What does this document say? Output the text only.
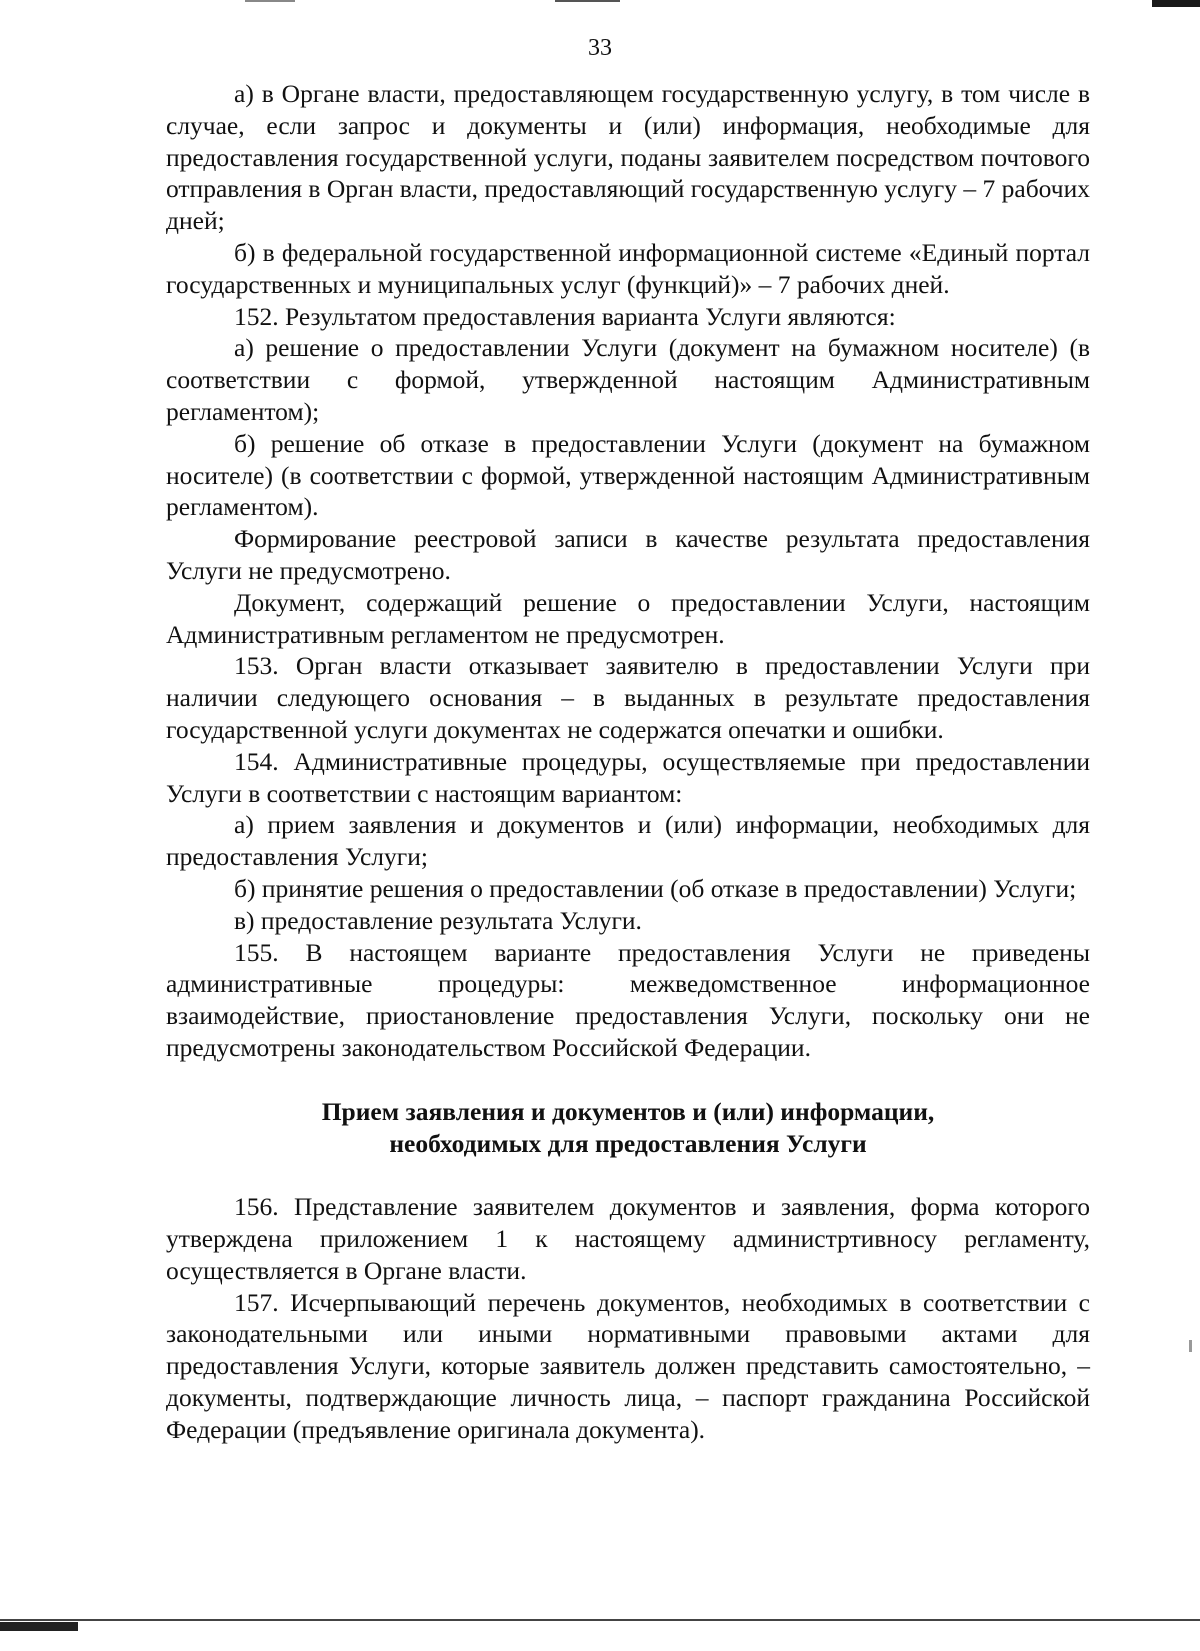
33

а) в Органе власти, предоставляющем государственную услугу, в том числе в случае, если запрос и документы и (или) информация, необходимые для предоставления государственной услуги, поданы заявителем посредством почтового отправления в Орган власти, предоставляющий государственную услугу – 7 рабочих дней;

б) в федеральной государственной информационной системе «Единый портал государственных и муниципальных услуг (функций)» – 7 рабочих дней.

152. Результатом предоставления варианта Услуги являются:

а) решение о предоставлении Услуги (документ на бумажном носителе) (в соответствии с формой, утвержденной настоящим Административным регламентом);

б) решение об отказе в предоставлении Услуги (документ на бумажном носителе) (в соответствии с формой, утвержденной настоящим Административным регламентом).

Формирование реестровой записи в качестве результата предоставления Услуги не предусмотрено.

Документ, содержащий решение о предоставлении Услуги, настоящим Административным регламентом не предусмотрен.

153. Орган власти отказывает заявителю в предоставлении Услуги при наличии следующего основания – в выданных в результате предоставления государственной услуги документах не содержатся опечатки и ошибки.

154. Административные процедуры, осуществляемые при предоставлении Услуги в соответствии с настоящим вариантом:

а) прием заявления и документов и (или) информации, необходимых для предоставления Услуги;

б) принятие решения о предоставлении (об отказе в предоставлении) Услуги;

в) предоставление результата Услуги.

155. В настоящем варианте предоставления Услуги не приведены административные процедуры: межведомственное информационное взаимодействие, приостановление предоставления Услуги, поскольку они не предусмотрены законодательством Российской Федерации.

Прием заявления и документов и (или) информации,
необходимых для предоставления Услуги

156. Представление заявителем документов и заявления, форма которого утверждена приложением 1 к настоящему администртивносу регламенту, осуществляется в Органе власти.

157. Исчерпывающий перечень документов, необходимых в соответствии с законодательными или иными нормативными правовыми актами для предоставления Услуги, которые заявитель должен представить самостоятельно, – документы, подтверждающие личность лица, – паспорт гражданина Российской Федерации (предъявление оригинала документа).
